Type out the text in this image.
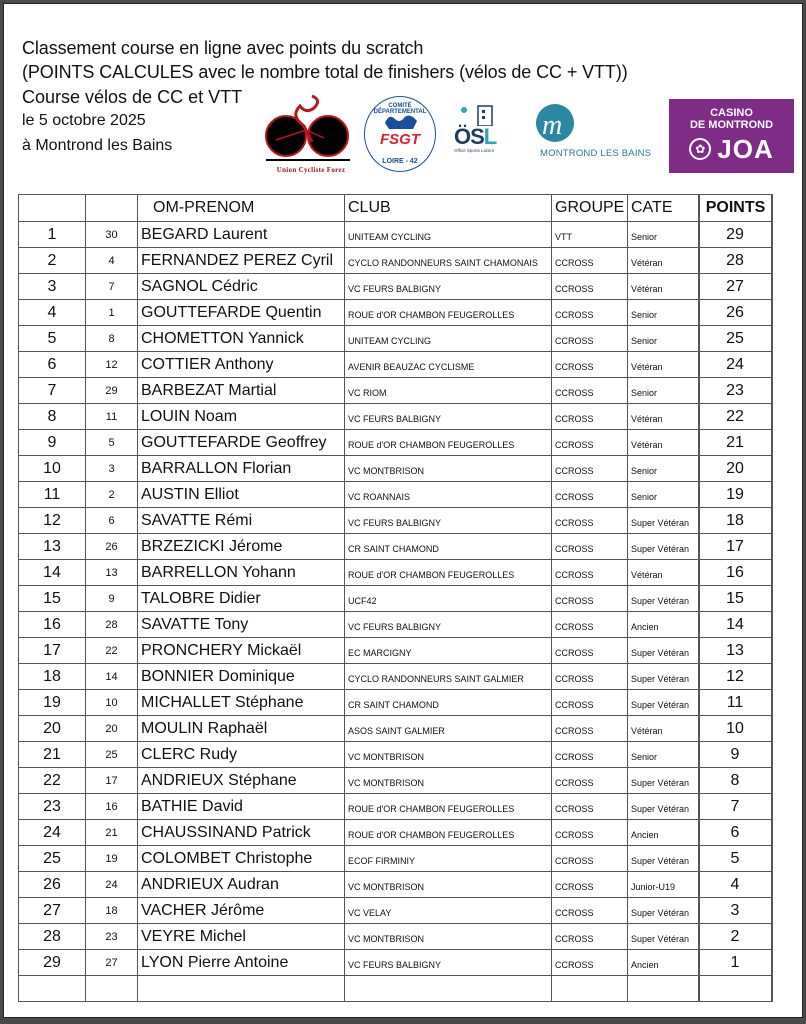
Classement course en ligne avec points du scratch
(POINTS CALCULES avec le nombre total de finishers (vélos de CC + VTT))
Course vélos de CC et VTT
le 5 octobre 2025
à Montrond les Bains
Union Cycliste Forez
COMITÉ DÉPARTEMENTAL
FSGT
LOIRE - 42
ÖSL
Office Sports Loisirs
m
MONTROND LES BAINS
CASINO
DE MONTROND
✿ JOA
		OM-PRENOM	CLUB	GROUPE	CATE	POINTS
1	30	BEGARD Laurent	UNITEAM CYCLING	VTT	Senior	29
2	4	FERNANDEZ PEREZ Cyril	CYCLO RANDONNEURS SAINT CHAMONAIS	CCROSS	Vétéran	28
3	7	SAGNOL Cédric	VC FEURS BALBIGNY	CCROSS	Vétéran	27
4	1	GOUTTEFARDE Quentin	ROUE d'OR CHAMBON FEUGEROLLES	CCROSS	Senior	26
5	8	CHOMETTON Yannick	UNITEAM CYCLING	CCROSS	Senior	25
6	12	COTTIER Anthony	AVENIR BEAUZAC CYCLISME	CCROSS	Vétéran	24
7	29	BARBEZAT Martial	VC RIOM	CCROSS	Senior	23
8	11	LOUIN Noam	VC FEURS BALBIGNY	CCROSS	Vétéran	22
9	5	GOUTTEFARDE Geoffrey	ROUE d'OR CHAMBON FEUGEROLLES	CCROSS	Vétéran	21
10	3	BARRALLON Florian	VC MONTBRISON	CCROSS	Senior	20
11	2	AUSTIN Elliot	VC ROANNAIS	CCROSS	Senior	19
12	6	SAVATTE Rémi	VC FEURS BALBIGNY	CCROSS	Super Vétéran	18
13	26	BRZEZICKI Jérome	CR SAINT CHAMOND	CCROSS	Super Vétéran	17
14	13	BARRELLON Yohann	ROUE d'OR CHAMBON FEUGEROLLES	CCROSS	Vétéran	16
15	9	TALOBRE Didier	UCF42	CCROSS	Super Vétéran	15
16	28	SAVATTE Tony	VC FEURS BALBIGNY	CCROSS	Ancien	14
17	22	PRONCHERY Mickaël	EC MARCIGNY	CCROSS	Super Vétéran	13
18	14	BONNIER Dominique	CYCLO RANDONNEURS SAINT GALMIER	CCROSS	Super Vétéran	12
19	10	MICHALLET Stéphane	CR SAINT CHAMOND	CCROSS	Super Vétéran	11
20	20	MOULIN Raphaël	ASOS SAINT GALMIER	CCROSS	Vétéran	10
21	25	CLERC Rudy	VC MONTBRISON	CCROSS	Senior	9
22	17	ANDRIEUX Stéphane	VC MONTBRISON	CCROSS	Super Vétéran	8
23	16	BATHIE David	ROUE d'OR CHAMBON FEUGEROLLES	CCROSS	Super Vétéran	7
24	21	CHAUSSINAND Patrick	ROUE d'OR CHAMBON FEUGEROLLES	CCROSS	Ancien	6
25	19	COLOMBET Christophe	ECOF FIRMINIY	CCROSS	Super Vétéran	5
26	24	ANDRIEUX Audran	VC MONTBRISON	CCROSS	Junior-U19	4
27	18	VACHER Jérôme	VC VELAY	CCROSS	Super Vétéran	3
28	23	VEYRE Michel	VC MONTBRISON	CCROSS	Super Vétéran	2
29	27	LYON Pierre Antoine	VC FEURS BALBIGNY	CCROSS	Ancien	1
